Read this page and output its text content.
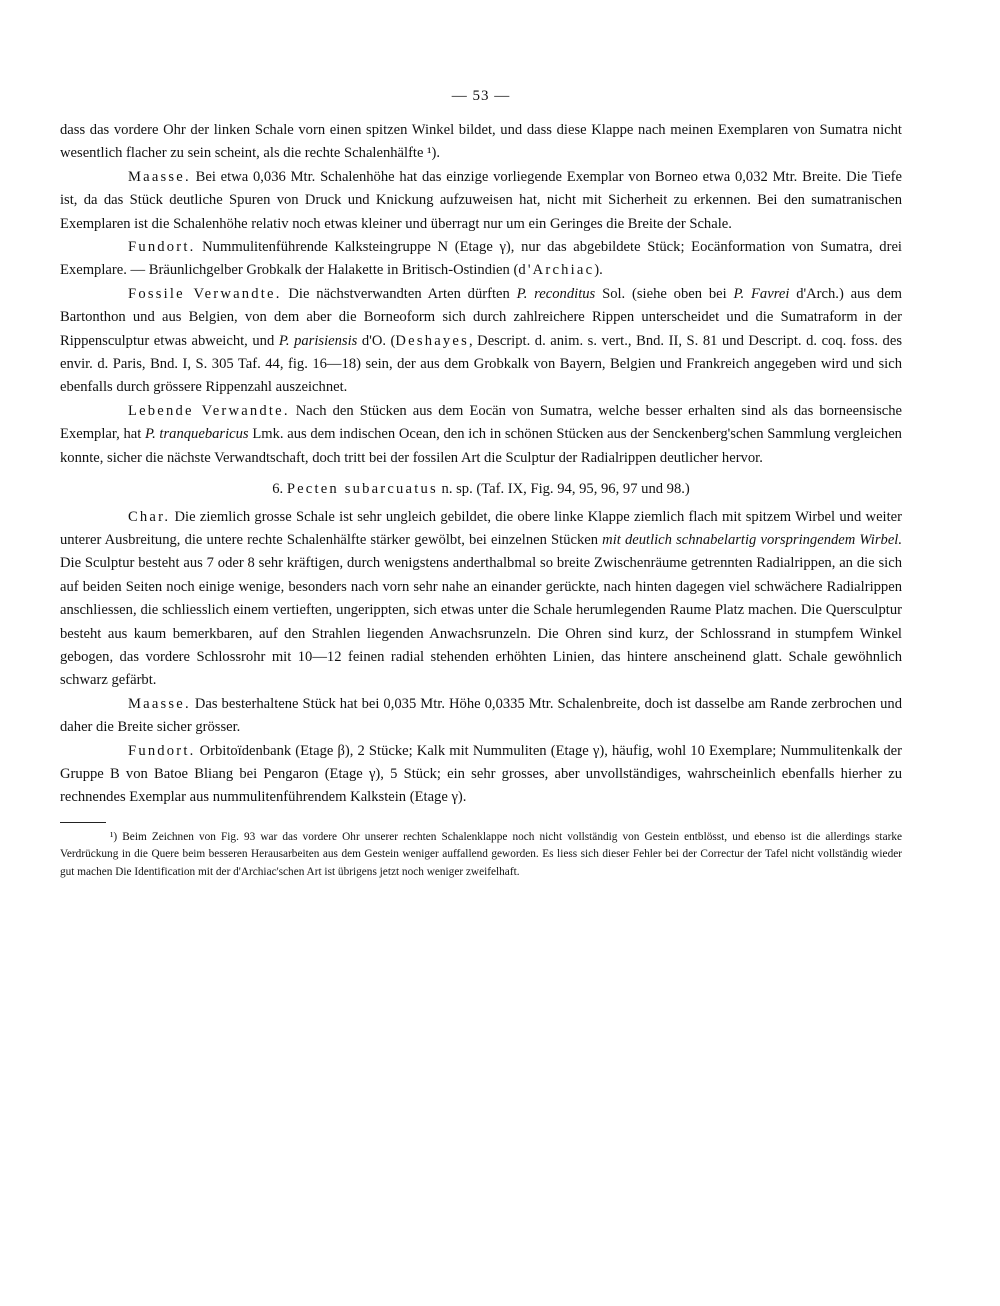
— 53 —

dass das vordere Ohr der linken Schale vorn einen spitzen Winkel bildet, und dass diese Klappe nach meinen Exemplaren von Sumatra nicht wesentlich flacher zu sein scheint, als die rechte Schalenhälfte ¹).

Maasse. Bei etwa 0,036 Mtr. Schalenhöhe hat das einzige vorliegende Exemplar von Borneo etwa 0,032 Mtr. Breite. Die Tiefe ist, da das Stück deutliche Spuren von Druck und Knickung aufzuweisen hat, nicht mit Sicherheit zu erkennen. Bei den sumatranischen Exemplaren ist die Schalenhöhe relativ noch etwas kleiner und überragt nur um ein Geringes die Breite der Schale.

Fundort. Nummulitenführende Kalksteingruppe N (Etage γ), nur das abgebildete Stück; Eocänformation von Sumatra, drei Exemplare. — Bräunlichgelber Grobkalk der Halakette in Britisch-Ostindien (d'Archiac).

Fossile Verwandte. Die nächstverwandten Arten dürften P. reconditus Sol. (siehe oben bei P. Favrei d'Arch.) aus dem Bartonthon und aus Belgien, von dem aber die Borneoform sich durch zahlreichere Rippen unterscheidet und die Sumatraform in der Rippensculptur etwas abweicht, und P. parisiensis d'O. (Deshayes, Descript. d. anim. s. vert., Bnd. II, S. 81 und Descript. d. coq. foss. des envir. d. Paris, Bnd. I, S. 305 Taf. 44, fig. 16—18) sein, der aus dem Grobkalk von Bayern, Belgien und Frankreich angegeben wird und sich ebenfalls durch grössere Rippenzahl auszeichnet.

Lebende Verwandte. Nach den Stücken aus dem Eocän von Sumatra, welche besser erhalten sind als das borneensische Exemplar, hat P. tranquebaricus Lmk. aus dem indischen Ocean, den ich in schönen Stücken aus der Senckenberg'schen Sammlung vergleichen konnte, sicher die nächste Verwandtschaft, doch tritt bei der fossilen Art die Sculptur der Radialrippen deutlicher hervor.

6. Pecten subarcuatus n. sp. (Taf. IX, Fig. 94, 95, 96, 97 und 98.)

Char. Die ziemlich grosse Schale ist sehr ungleich gebildet, die obere linke Klappe ziemlich flach mit spitzem Wirbel und weiter unterer Ausbreitung, die untere rechte Schalenhälfte stärker gewölbt, bei einzelnen Stücken mit deutlich schnabelartig vorspringendem Wirbel. Die Sculptur besteht aus 7 oder 8 sehr kräftigen, durch wenigstens anderthalbmal so breite Zwischenräume getrennten Radialrippen, an die sich auf beiden Seiten noch einige wenige, besonders nach vorn sehr nahe an einander gerückte, nach hinten dagegen viel schwächere Radialrippen anschliessen, die schliesslich einem vertieften, ungerippten, sich etwas unter die Schale herumlegenden Raume Platz machen. Die Quersculptur besteht aus kaum bemerkbaren, auf den Strahlen liegenden Anwachsrunzeln. Die Ohren sind kurz, der Schlossrand in stumpfem Winkel gebogen, das vordere Schlossrohr mit 10—12 feinen radial stehenden erhöhten Linien, das hintere anscheinend glatt. Schale gewöhnlich schwarz gefärbt.

Maasse. Das besterhaltene Stück hat bei 0,035 Mtr. Höhe 0,0335 Mtr. Schalenbreite, doch ist dasselbe am Rande zerbrochen und daher die Breite sicher grösser.

Fundort. Orbitoïdenbank (Etage β), 2 Stücke; Kalk mit Nummuliten (Etage γ), häufig, wohl 10 Exemplare; Nummulitenkalk der Gruppe B von Batoe Bliang bei Pengaron (Etage γ), 5 Stück; ein sehr grosses, aber unvollständiges, wahrscheinlich ebenfalls hierher zu rechnendes Exemplar aus nummulitenführendem Kalkstein (Etage γ).

¹) Beim Zeichnen von Fig. 93 war das vordere Ohr unserer rechten Schalenklappe noch nicht vollständig von Gestein entblösst, und ebenso ist die allerdings starke Verdrückung in die Quere beim besseren Herausarbeiten aus dem Gestein weniger auffallend geworden. Es liess sich dieser Fehler bei der Correctur der Tafel nicht vollständig wieder gut machen Die Identification mit der d'Archiac'schen Art ist übrigens jetzt noch weniger zweifelhaft.
